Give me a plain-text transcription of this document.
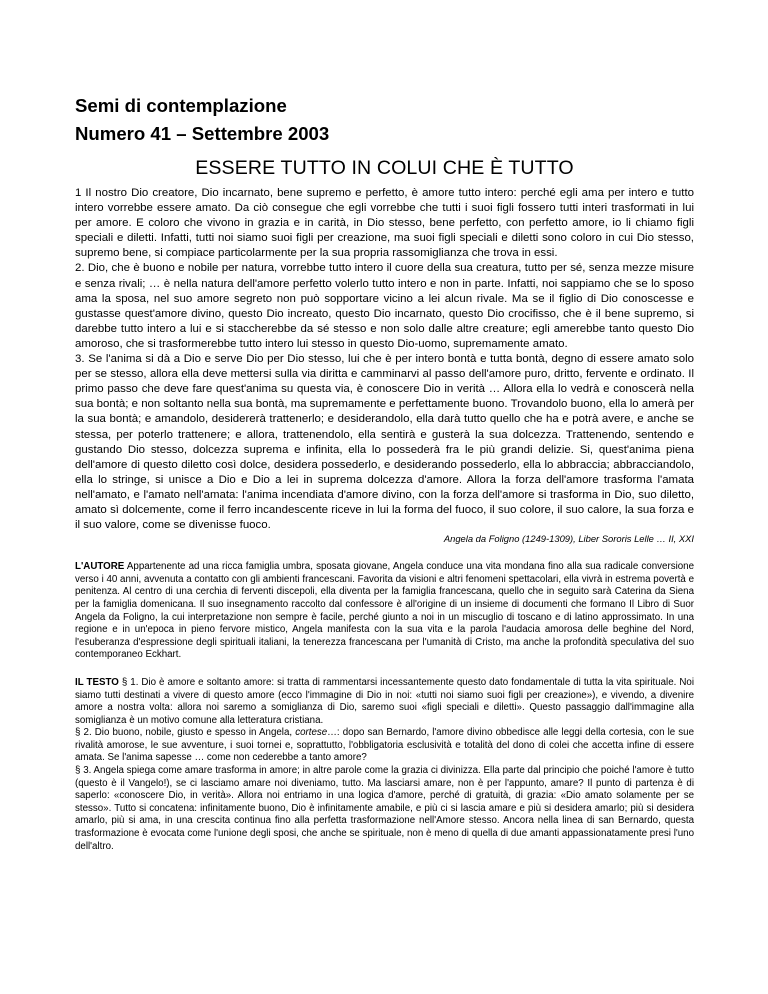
Semi di contemplazione

Numero 41 – Settembre 2003

ESSERE TUTTO IN COLUI CHE È TUTTO

1 Il nostro Dio creatore, Dio incarnato, bene supremo e perfetto, è amore tutto intero: perché egli ama per intero e tutto intero vorrebbe essere amato. Da ciò consegue che egli vorrebbe che tutti i suoi figli fossero tutti interi trasformati in lui per amore. E coloro che vivono in grazia e in carità, in Dio stesso, bene perfetto, con perfetto amore, io li chiamo figli speciali e diletti. Infatti, tutti noi siamo suoi figli per creazione, ma suoi figli speciali e diletti sono coloro in cui Dio stesso, supremo bene, si compiace particolarmente per la sua propria rassomiglianza che trova in essi.

2. Dio, che è buono e nobile per natura, vorrebbe tutto intero il cuore della sua creatura, tutto per sé, senza mezze misure e senza rivali; … è nella natura dell'amore perfetto volerlo tutto intero e non in parte. Infatti, noi sappiamo che se lo sposo ama la sposa, nel suo amore segreto non può sopportare vicino a lei alcun rivale. Ma se il figlio di Dio conoscesse e gustasse quest'amore divino, questo Dio increato, questo Dio incarnato, questo Dio crocifisso, che è il bene supremo, si darebbe tutto intero a lui e si staccherebbe da sé stesso e non solo dalle altre creature; egli amerebbe tanto questo Dio amoroso, che si trasformerebbe tutto intero lui stesso in questo Dio-uomo, supremamente amato.

3. Se l'anima si dà a Dio e serve Dio per Dio stesso, lui che è per intero bontà e tutta bontà, degno di essere amato solo per se stesso, allora ella deve mettersi sulla via diritta e camminarvi al passo dell'amore puro, dritto, fervente e ordinato. Il primo passo che deve fare quest'anima su questa via, è conoscere Dio in verità … Allora ella lo vedrà e conoscerà nella sua bontà; e non soltanto nella sua bontà, ma supremamente e perfettamente buono. Trovandolo buono, ella lo amerà per la sua bontà; e amandolo, desidererà trattenerlo; e desiderandolo, ella darà tutto quello che ha e potrà avere, e anche se stessa, per poterlo trattenere; e allora, trattenendolo, ella sentirà e gusterà la sua dolcezza. Trattenendo, sentendo e gustando Dio stesso, dolcezza suprema e infinita, ella lo possederà fra le più grandi delizie. Si, quest'anima piena dell'amore di questo diletto così dolce, desidera possederlo, e desiderando possederlo, ella lo abbraccia; abbracciandolo, ella lo stringe, si unisce a Dio e Dio a lei in suprema dolcezza d'amore. Allora la forza dell'amore trasforma l'amata nell'amato, e l'amato nell'amata: l'anima incendiata d'amore divino, con la forza dell'amore si trasforma in Dio, suo diletto, amato sì dolcemente, come il ferro incandescente riceve in lui la forma del fuoco, il suo colore, il suo calore, la sua forza e il suo valore, come se divenisse fuoco.

Angela da Foligno (1249-1309), Liber Sororis Lelle … II, XXI

L'AUTORE Appartenente ad una ricca famiglia umbra, sposata giovane, Angela conduce una vita mondana fino alla sua radicale conversione verso i 40 anni, avvenuta a contatto con gli ambienti francescani. Favorita da visioni e altri fenomeni spettacolari, ella vivrà in estrema povertà e penitenza. Al centro di una cerchia di ferventi discepoli, ella diventa per la famiglia francescana, quello che in seguito sarà Caterina da Siena per la famiglia domenicana. Il suo insegnamento raccolto dal confessore è all'origine di un insieme di documenti che formano Il Libro di Suor Angela da Foligno, la cui interpretazione non sempre è facile, perché giunto a noi in un miscuglio di toscano e di latino approssimato. In una regione e in un'epoca in pieno fervore mistico, Angela manifesta con la sua vita e la parola l'audacia amorosa delle beghine del Nord, l'esuberanza d'espressione degli spirituali italiani, la tenerezza francescana per l'umanità di Cristo, ma anche la profondità speculativa del suo contemporaneo Eckhart.

IL TESTO § 1. Dio è amore e soltanto amore: si tratta di rammentarsi incessantemente questo dato fondamentale di tutta la vita spirituale. Noi siamo tutti destinati a vivere di questo amore (ecco l'immagine di Dio in noi: «tutti noi siamo suoi figli per creazione»), e vivendo, a divenire amore a nostra volta: allora noi saremo a somiglianza di Dio, saremo suoi «figli speciali e diletti». Questo passaggio dall'immagine alla somiglianza è un motivo comune alla letteratura cristiana.

§ 2. Dio buono, nobile, giusto e spesso in Angela, cortese…: dopo san Bernardo, l'amore divino obbedisce alle leggi della cortesia, con le sue rivalità amorose, le sue avventure, i suoi tornei e, soprattutto, l'obbligatoria esclusività e totalità del dono di colei che accetta infine di essere amata. Se l'anima sapesse … come non cederebbe a tanto amore?

§ 3. Angela spiega come amare trasforma in amore; in altre parole come la grazia ci divinizza. Ella parte dal principio che poiché l'amore è tutto (questo è il Vangelo!), se ci lasciamo amare noi diveniamo, tutto. Ma lasciarsi amare, non è per l'appunto, amare? Il punto di partenza è di saperlo: «conoscere Dio, in verità». Allora noi entriamo in una logica d'amore, perché di gratuità, di grazia: «Dio amato solamente per se stesso». Tutto si concatena: infinitamente buono, Dio è infinitamente amabile, e più ci si lascia amare e più si desidera amarlo; più si desidera amarlo, più si ama, in una crescita continua fino alla perfetta trasformazione nell'Amore stesso. Ancora nella linea di san Bernardo, questa trasformazione è evocata come l'unione degli sposi, che anche se spirituale, non è meno di quella di due amanti appassionatamente presi l'uno dell'altro.
